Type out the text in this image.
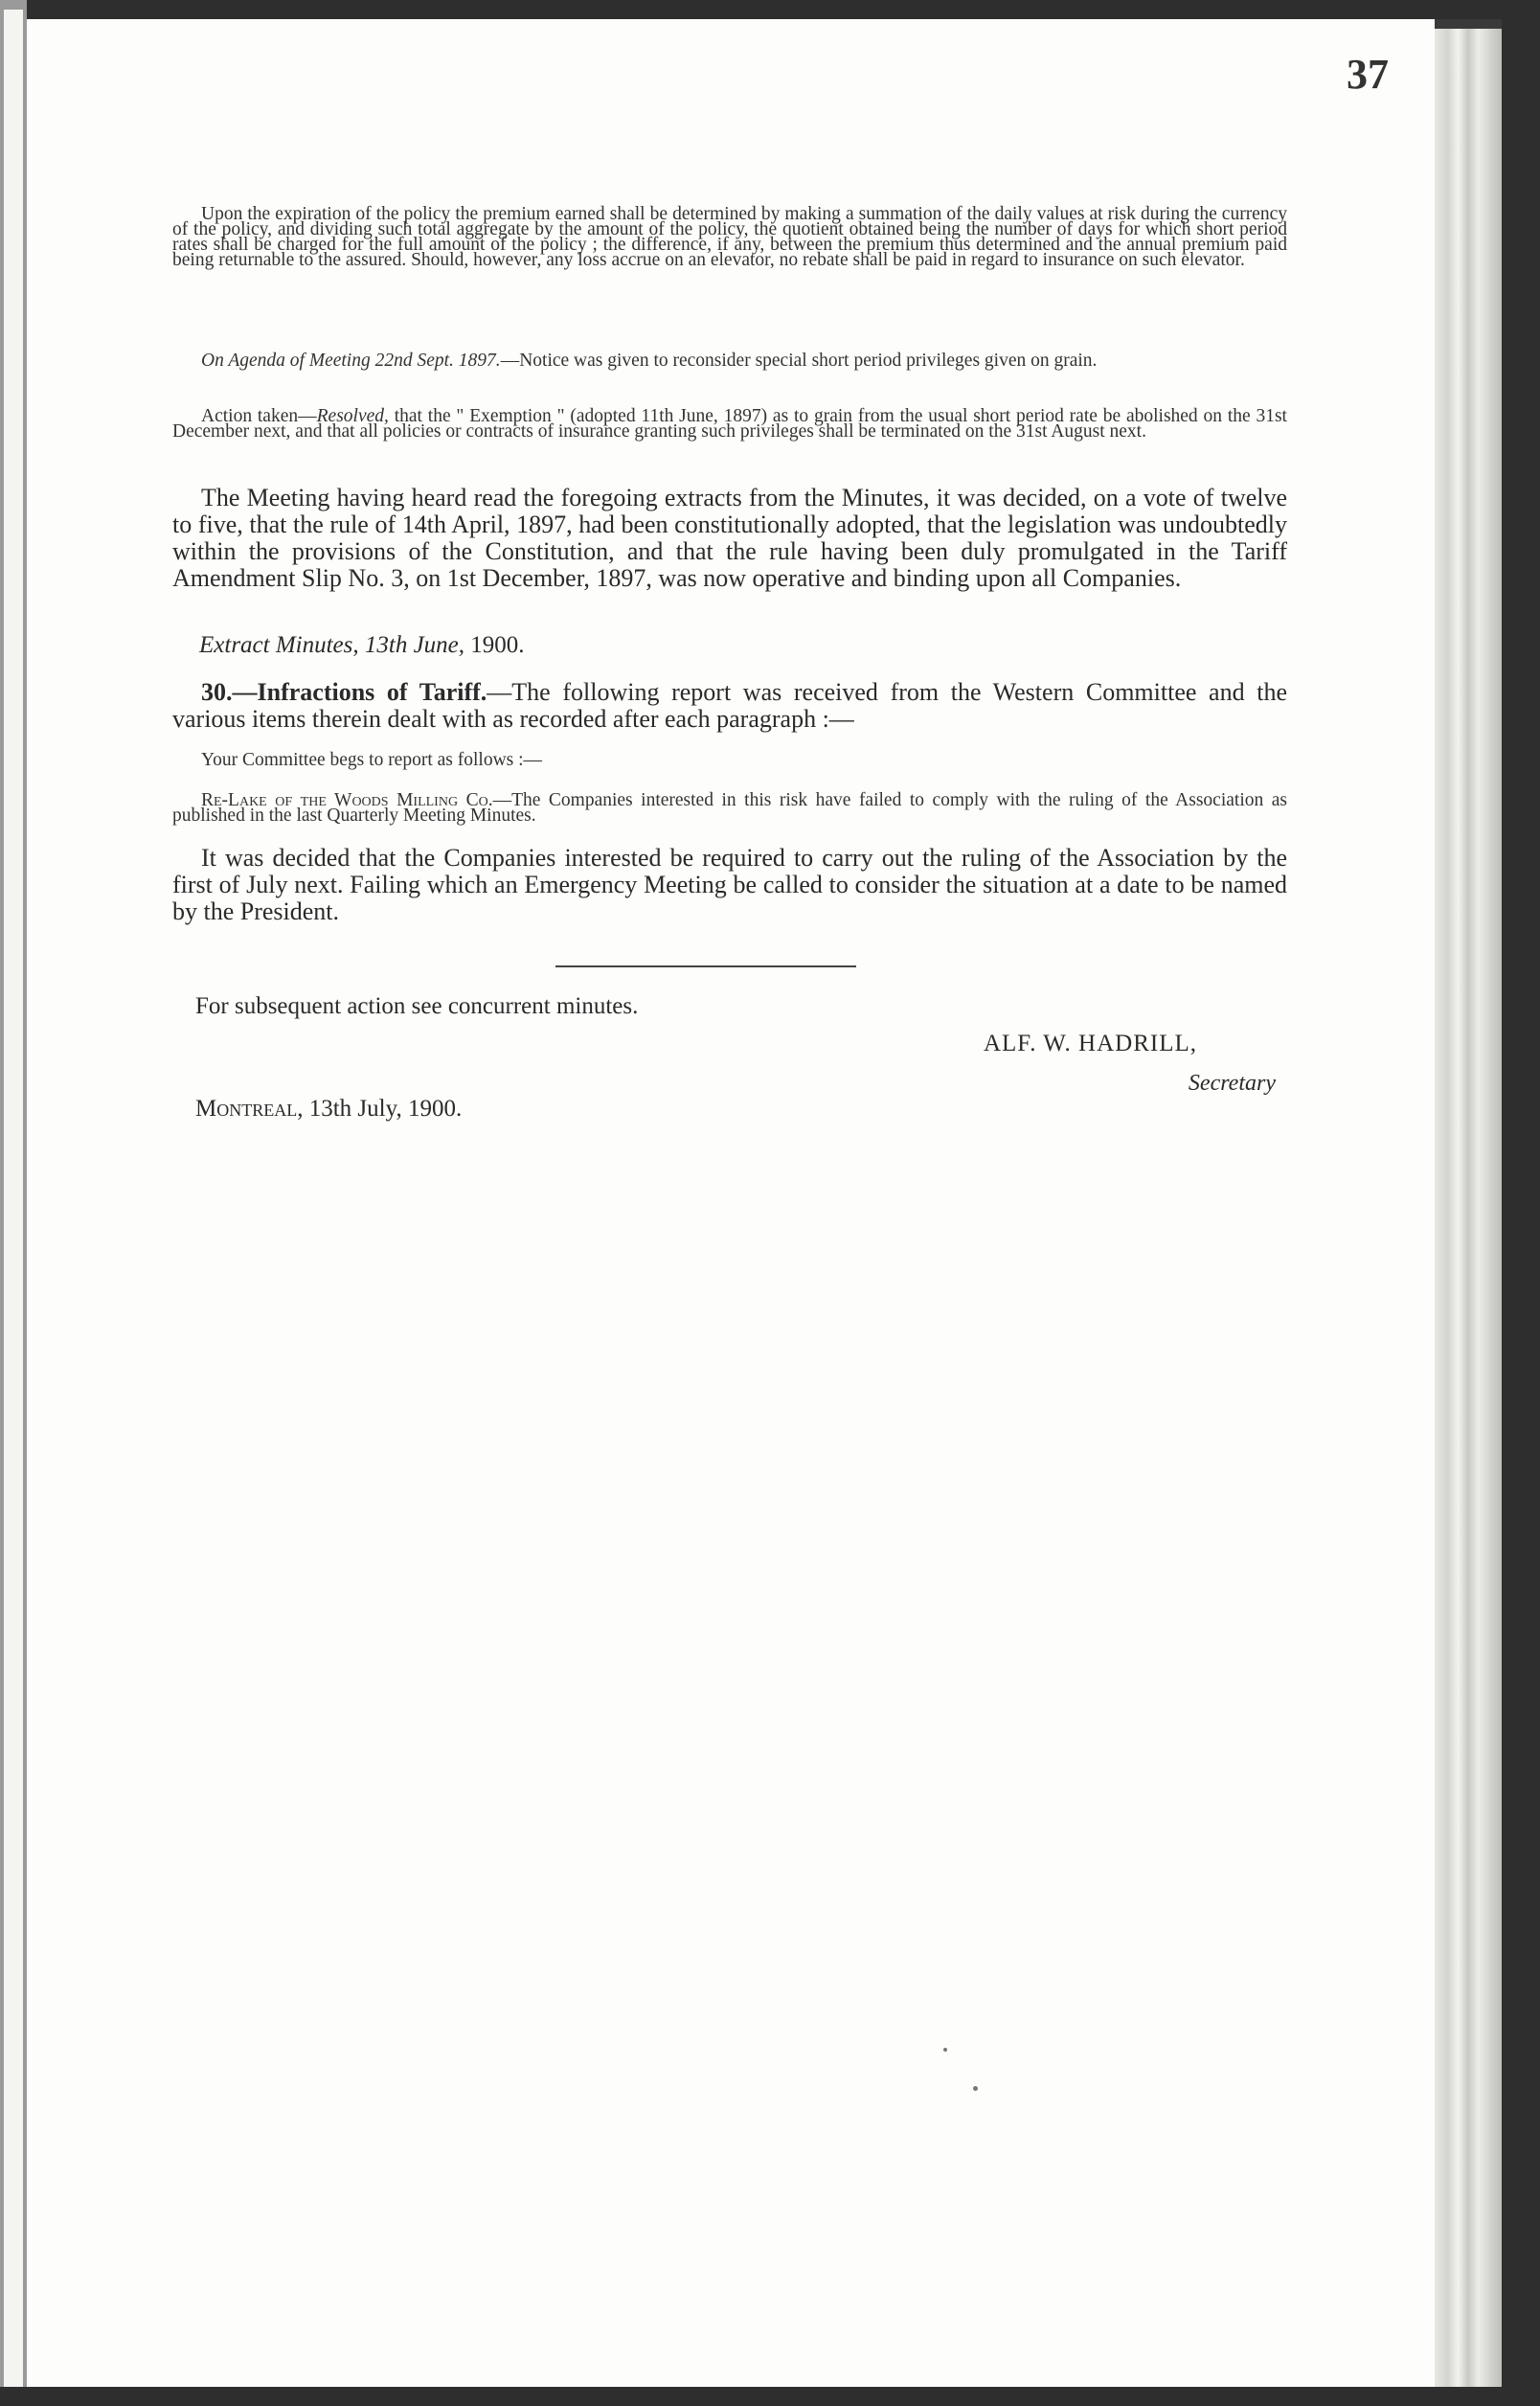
37
Upon the expiration of the policy the premium earned shall be determined by making a summation of the daily values at risk during the currency of the policy, and dividing such total aggregate by the amount of the policy, the quotient obtained being the number of days for which short period rates shall be charged for the full amount of the policy ; the difference, if any, between the premium thus determined and the annual premium paid being returnable to the assured. Should, however, any loss accrue on an elevator, no rebate shall be paid in regard to insurance on such elevator.
On Agenda of Meeting 22nd Sept. 1897.—Notice was given to reconsider special short period privileges given on grain.
Action taken—Resolved, that the " Exemption " (adopted 11th June, 1897) as to grain from the usual short period rate be abolished on the 31st December next, and that all policies or contracts of insurance granting such privileges shall be terminated on the 31st August next.
The Meeting having heard read the foregoing extracts from the Minutes, it was decided, on a vote of twelve to five, that the rule of 14th April, 1897, had been constitutionally adopted, that the legislation was undoubtedly within the provisions of the Constitution, and that the rule having been duly promulgated in the Tariff Amendment Slip No. 3, on 1st December, 1897, was now operative and binding upon all Companies.
Extract Minutes, 13th June, 1900.
30.—Infractions of Tariff.—The following report was received from the Western Committee and the various items therein dealt with as recorded after each paragraph :—
Your Committee begs to report as follows :—
Re-Lake of the Woods Milling Co.—The Companies interested in this risk have failed to comply with the ruling of the Association as published in the last Quarterly Meeting Minutes.
It was decided that the Companies interested be required to carry out the ruling of the Association by the first of July next. Failing which an Emergency Meeting be called to consider the situation at a date to be named by the President.
For subsequent action see concurrent minutes.
ALF. W. HADRILL,
Secretary
Montreal, 13th July, 1900.
